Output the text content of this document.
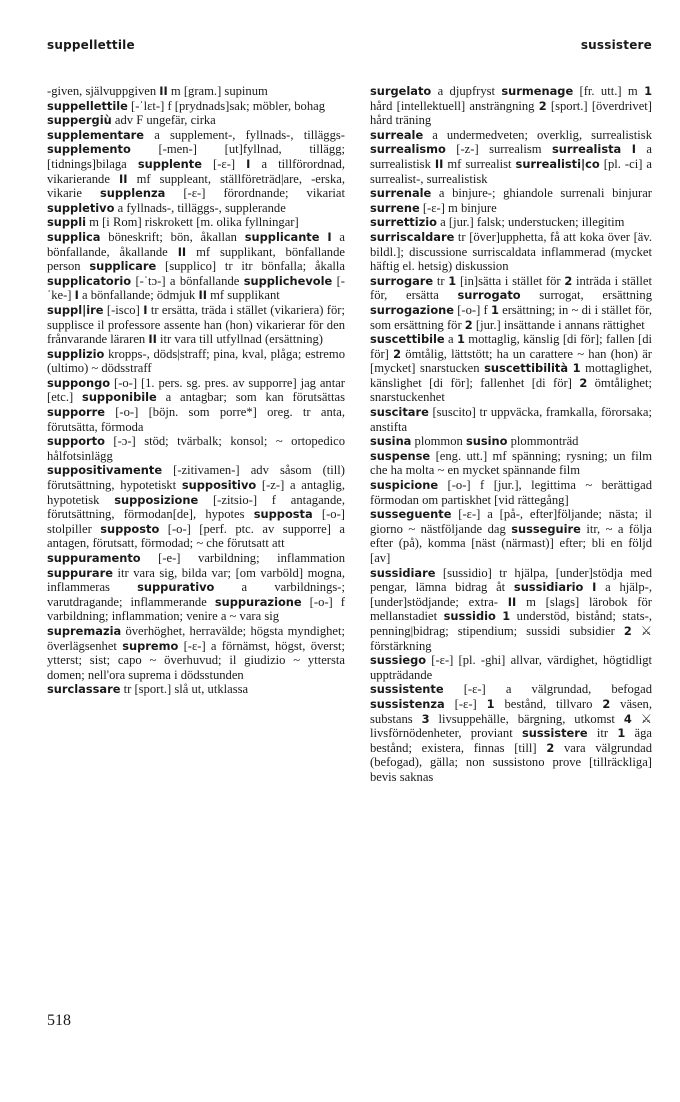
suppellettile	sussistere

-given, självuppgiven II m [gram.] supinum

suppellettile [-ˈlɛt-] f [prydnads]sak; möbler, bohag

suppergiù adv F ungefär, cirka

supplementare a supplement-, fyllnads-, tilläggs- supplemento [-men-] [ut]fyllnad, tillägg; [tidnings]bilaga supplente [-ɛ-] I a tillförordnad, vikarierande II mf suppleant, ställföreträd|are, -erska, vikarie supplenza [-ɛ-] förordnande; vikariat suppletivo a fyllnads-, tilläggs-, supplerande

suppli m [i Rom] riskrokett [m. olika fyllningar]

supplica böneskrift; bön, åkallan supplicante I a bönfallande, åkallande II mf supplikant, bönfallande person supplicare [supplico] tr itr bönfalla; åkalla supplicatorio [-ˈtɔ-] a bönfallande supplichevole [-ˈke-] I a bönfallande; ödmjuk II mf supplikant

suppl|ire [-isco] I tr ersätta, träda i stället (vikariera) för; supplisce il professore assente han (hon) vikarierar för den frånvarande läraren II itr vara till utfyllnad (ersättning)

supplizio kropps-, döds|straff; pina, kval, plåga; estremo (ultimo) ~ dödsstraff

suppongo [-o-] [1. pers. sg. pres. av supporre] jag antar [etc.] supponibile a antagbar; som kan förutsättas supporre [-o-] [böjn. som porre*] oreg. tr anta, förutsätta, förmoda

supporto [-ɔ-] stöd; tvärbalk; konsol; ~ ortopedico hålfotsinlägg

suppositivamente [-zitivamen-] adv såsom (till) förutsättning, hypotetiskt suppositivo [-z-] a antaglig, hypotetisk supposizione [-zitsio-] f antagande, förutsättning, förmodan[de], hypotes supposta [-o-] stolpiller supposto [-o-] [perf. ptc. av supporre] a antagen, förutsatt, förmodad; ~ che förutsatt att

suppuramento [-e-] varbildning; inflammation suppurare itr vara sig, bilda var; [om varböld] mogna, inflammeras suppurativo a varbildnings-; varutdragande; inflammerande suppurazione [-o-] f varbildning; inflammation; venire a ~ vara sig

supremazia överhöghet, herravälde; högsta myndighet; överlägsenhet supremo [-ɛ-] a förnämst, högst, överst; ytterst; sist; capo ~ överhuvud; il giudizio ~ yttersta domen; nell'ora suprema i dödsstunden

surclassare tr [sport.] slå ut, utklassa

surgelato a djupfryst surmenage [fr. utt.] m 1 hård [intellektuell] ansträngning 2 [sport.] [överdrivet] hård träning

surreale a undermedveten; overklig, surrealistisk surrealismo [-z-] surrealism surrealista I a surrealistisk II mf surrealist surrealisti|co [pl. -ci] a surrealist-, surrealistisk

surrenale a binjure-; ghiandole surrenali binjurar surrene [-ɛ-] m binjure

surrettizio a [jur.] falsk; understucken; illegitim

surriscaldare tr [över]upphetta, få att koka över [äv. bildl.]; discussione surriscaldata inflammerad (mycket häftig el. hetsig) diskussion

surrogare tr 1 [in]sätta i stället för 2 inträda i stället för, ersätta surrogato surrogat, ersättning surrogazione [-o-] f 1 ersättning; in ~ di i stället för, som ersättning för 2 [jur.] insättande i annans rättighet

suscettibile a 1 mottaglig, känslig [di för]; fallen [di för] 2 ömtålig, lättstött; ha un carattere ~ han (hon) är [mycket] snarstucken suscettibilità 1 mottaglighet, känslighet [di för]; fallenhet [di för] 2 ömtålighet; snarstuckenhet

suscitare [suscito] tr uppväcka, framkalla, förorsaka; anstifta

susina plommon susino plommonträd

suspense [eng. utt.] mf spänning; rysning; un film che ha molta ~ en mycket spännande film

suspicione [-o-] f [jur.], legittima ~ berättigad förmodan om partiskhet [vid rättegång]

susseguente [-ɛ-] a [på-, efter]följande; nästa; il giorno ~ nästföljande dag susseguire itr, ~ a följa efter (på), komma [näst (närmast)] efter; bli en följd [av]

sussidiare [sussidio] tr hjälpa, [under]stödja med pengar, lämna bidrag åt sussidiario I a hjälp-, [under]stödjande; extra- II m [slags] lärobok för mellanstadiet sussidio 1 understöd, bistånd; stats-, penning|bidrag; stipendium; sussidi subsidier 2 ⚔ förstärkning

sussiego [-ɛ-] [pl. -ghi] allvar, värdighet, högtidligt uppträdande

sussistente [-ɛ-] a välgrundad, befogad sussistenza [-ɛ-] 1 bestånd, tillvaro 2 väsen, substans 3 livsuppehälle, bärgning, utkomst 4 ⚔ livsförnödenheter, proviant sussistere itr 1 äga bestånd; existera, finnas [till] 2 vara välgrundad (befogad), gälla; non sussistono prove [tillräckliga] bevis saknas

518
